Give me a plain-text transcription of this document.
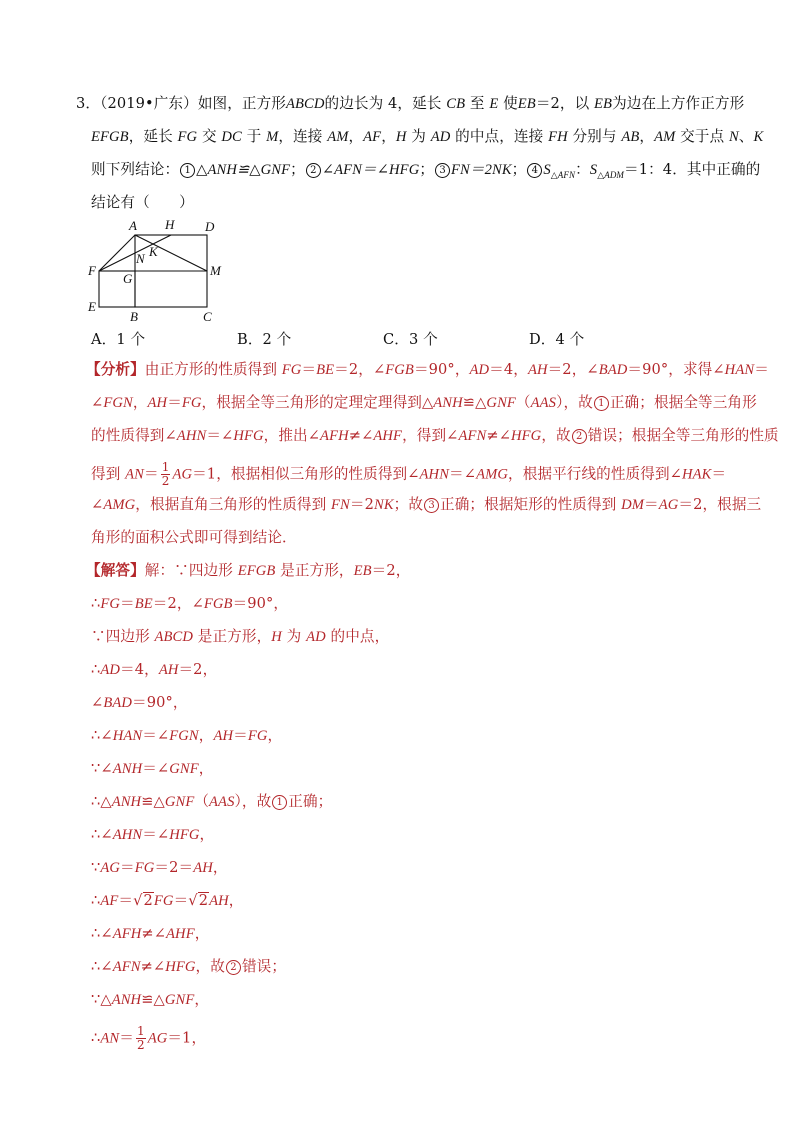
3．（2019•广东）如图，正方形ABCD的边长为 4，延长 CB 至 E 使EB＝2，以 EB为边在上方作正方形
EFGB，延长 FG 交 DC 于 M，连接 AM，AF，H 为 AD 的中点，连接 FH 分别与 AB，AM 交于点 N、K
则下列结论： 1 △ANH≌△GNF； 2 ∠AFN＝∠HFG； 3 FN＝2NK； 4 $S_{\triangle AFN}$：$S_{\triangle ADM}=1$：4．其中正确的
结论有（　　）
A H D
N K
F
G
M
E
B	C
A．1 个	B．2 个	C．3 个	D．4 个
【分析】由正方形的性质得到 FG＝BE＝2，∠FGB＝90°，AD＝4，AH＝2，∠BAD＝90°，求得∠HAN＝
∠FGN，AH＝FG，根据全等三角形的定理定理得到△ANH≌△GNF（AAS），故 1 正确；根据全等三角形
的性质得到∠AHN＝∠HFG，推出∠AFH≠∠AHF，得到∠AFN≠∠HFG，故 2 错误；根据全等三角形的性质
得到 $AN= \frac{1}{2} AG=1$，根据相似三角形的性质得到∠AHN＝∠AMG，根据平行线的性质得到∠HAK＝
∠AMG，根据直角三角形的性质得到 FN＝2NK；故 3 正确；根据矩形的性质得到 DM＝AG＝2，根据三
角形的面积公式即可得到结论．
【解答】解：∵四边形 EFGB 是正方形，EB＝2，
∴FG＝BE＝2，∠FGB＝90°，
∵四边形 ABCD 是正方形，H 为 AD 的中点，
∴AD＝4，AH＝2，
∠BAD＝90°，
∴∠HAN＝∠FGN，AH＝FG，
∵∠ANH＝∠GNF，
∴△ANH≌△GNF（AAS），故 1 正确；
∴∠AHN＝∠HFG，
∵AG＝FG＝2＝AH，
∴AF＝√2FG＝√2AH，
∴∠AFH≠∠AHF，
∴∠AFN≠∠HFG，故 2 错误；
∵△ANH≌△GNF，
∴AN＝ $\frac{1}{2} AG=1$，
